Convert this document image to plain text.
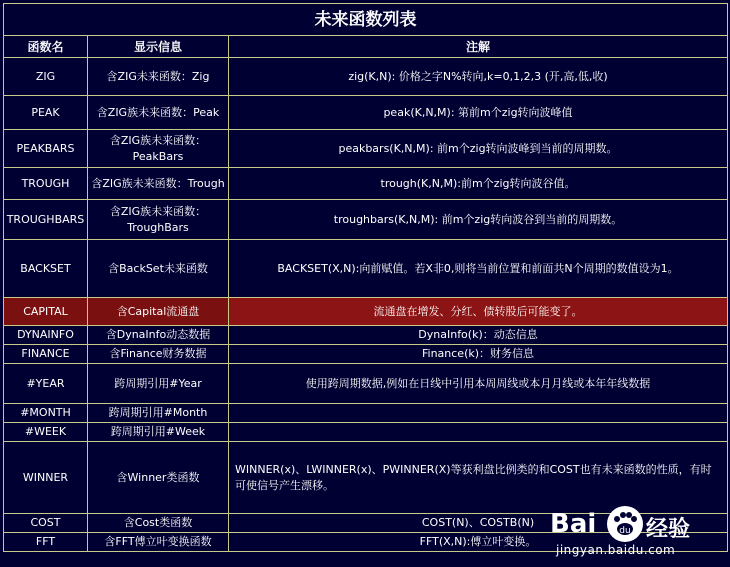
未来函数列表		
函数名	显示信息	注解
ZIG	含ZIG未来函数：Zig	zig(K,N): 价格之字N%转向,k=0,1,2,3 (开,高,低,收)
PEAK	含ZIG族未来函数：Peak	peak(K,N,M): 第前m个zig转向波峰值
PEAKBARS	含ZIG族未来函数：PeakBars	peakbars(K,N,M): 前m个zig转向波峰到当前的周期数。
TROUGH	含ZIG族未来函数：Trough	trough(K,N,M):前m个zig转向波谷值。
TROUGHBARS	含ZIG族未来函数：TroughBars	troughbars(K,N,M): 前m个zig转向波谷到当前的周期数。
BACKSET	含BackSet未来函数	BACKSET(X,N):向前赋值。若X非0,则将当前位置和前面共N个周期的数值设为1。
CAPITAL	含Capital流通盘	流通盘在增发、分红、债转股后可能变了。
DYNAINFO	含DynaInfo动态数据	DynaInfo(k)：动态信息
FINANCE	含Finance财务数据	Finance(k)：财务信息
#YEAR	跨周期引用#Year	使用跨周期数据,例如在日线中引用本周周线或本月月线或本年年线数据
#MONTH	跨周期引用#Month	
#WEEK	跨周期引用#Week	
WINNER	含Winner类函数	WINNER(x)、LWINNER(x)、PWINNER(X)等获利盘比例类的和COST也有未来函数的性质，有时可使信号产生漂移。
COST	含Cost类函数	COST(N)、COSTB(N)
FFT	含FFT傅立叶变换函数	FFT(X,N):傅立叶变换。
Bai	du 经验
jingyan.baidu.com
